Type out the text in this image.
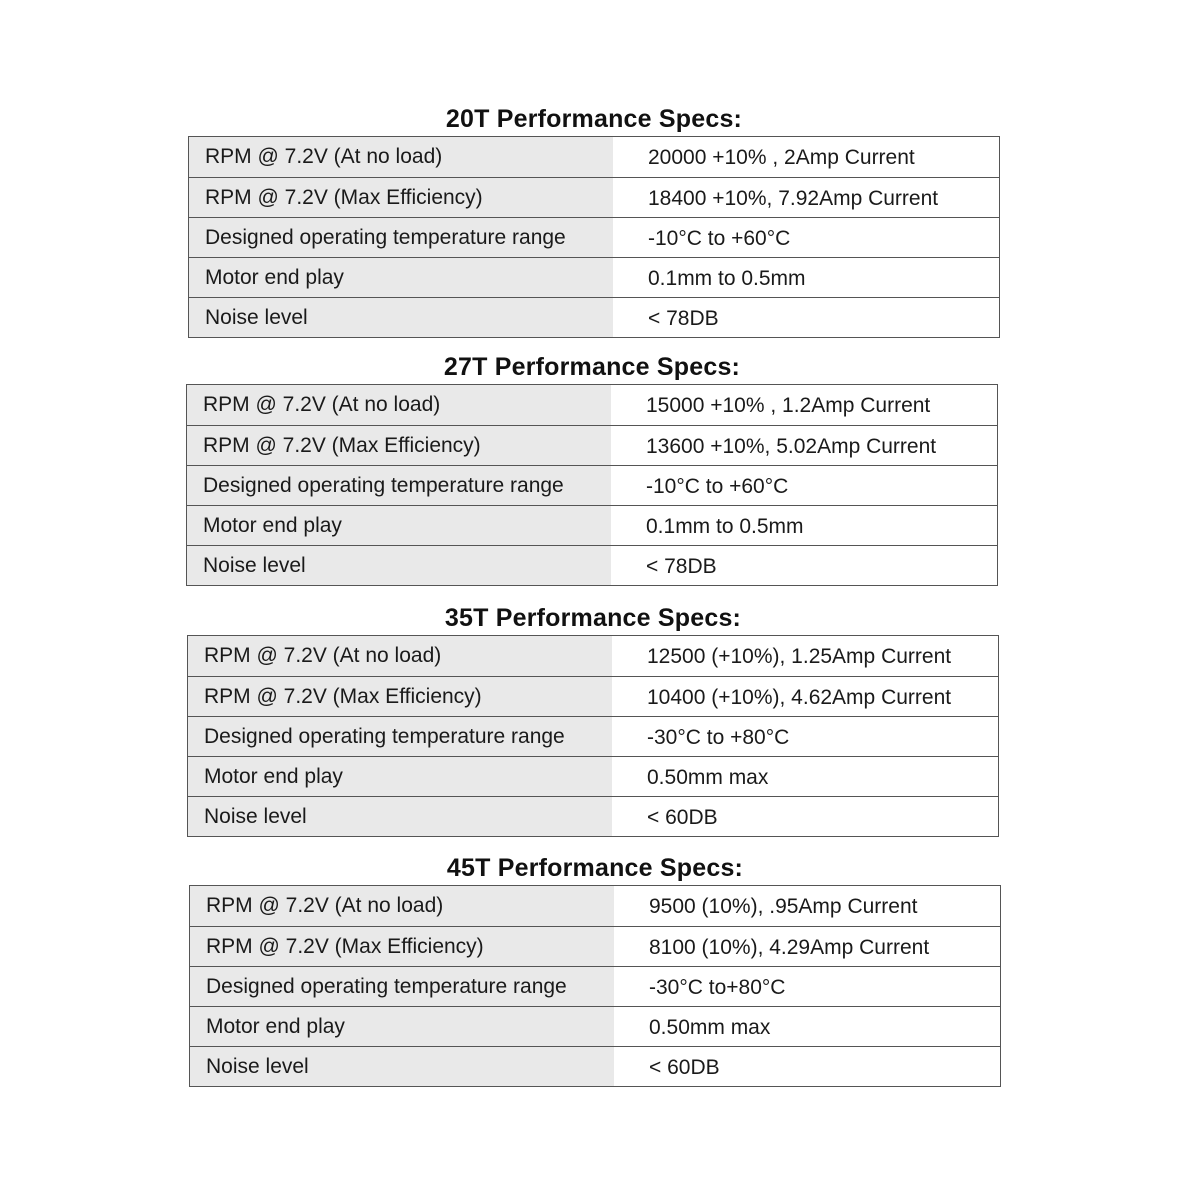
20T Performance Specs:
RPM @ 7.2V (At no load)	20000 +10% , 2Amp Current
RPM @ 7.2V (Max Efficiency)	18400 +10%, 7.92Amp Current
Designed operating temperature range	-10°C to +60°C
Motor end play	0.1mm to 0.5mm
Noise level	< 78DB
27T Performance Specs:
RPM @ 7.2V (At no load)	15000 +10% , 1.2Amp Current
RPM @ 7.2V (Max Efficiency)	13600 +10%, 5.02Amp Current
Designed operating temperature range	-10°C to +60°C
Motor end play	0.1mm to 0.5mm
Noise level	< 78DB
35T Performance Specs:
RPM @ 7.2V (At no load)	12500 (+10%), 1.25Amp Current
RPM @ 7.2V (Max Efficiency)	10400 (+10%), 4.62Amp Current
Designed operating temperature range	-30°C to +80°C
Motor end play	0.50mm max
Noise level	< 60DB
45T Performance Specs:
RPM @ 7.2V (At no load)	9500 (10%), .95Amp Current
RPM @ 7.2V (Max Efficiency)	8100 (10%), 4.29Amp Current
Designed operating temperature range	-30°C to+80°C
Motor end play	0.50mm max
Noise level	< 60DB
